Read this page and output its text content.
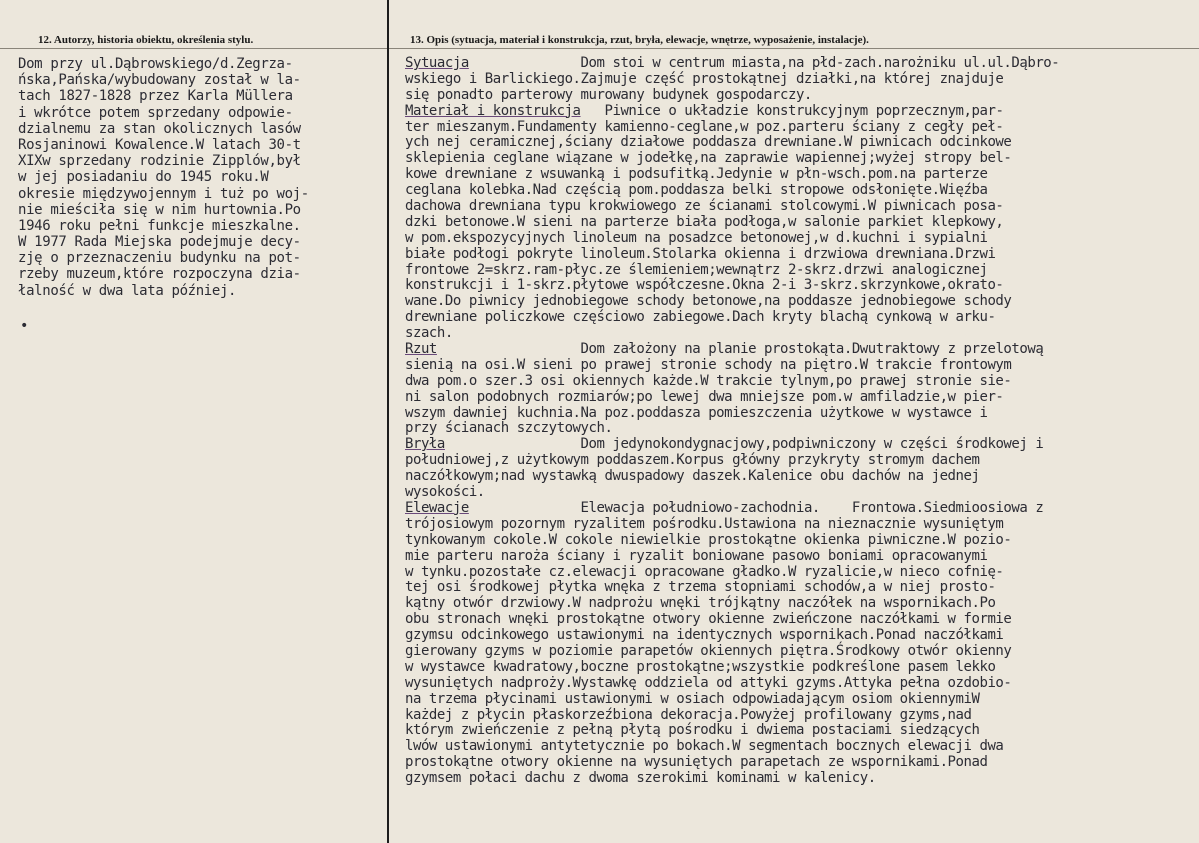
12. Autorzy, historia obiektu, określenia stylu.	13. Opis (sytuacja, materiał i konstrukcja, rzut, bryła, elewacje, wnętrze, wyposażenie, instalacje).
Dom przy ul.Dąbrowskiego/d.Zegrza-
ńska,Pańska/wybudowany został w la-
tach 1827-1828 przez Karla Müllera
i wkrótce potem sprzedany odpowie-
dzialnemu za stan okolicznych lasów
Rosjaninowi Kowalence.W latach 30-t
XIXw sprzedany rodzinie Zipplów,był
w jej posiadaniu do 1945 roku.W
okresie międzywojennym i tuż po woj-
nie mieściła się w nim hurtownia.Po
1946 roku pełni funkcje mieszkalne.
W 1977 Rada Miejska podejmuje decy-
zję o przeznaczeniu budynku na pot-
rzeby muzeum,które rozpoczyna dzia-
łalność w dwa lata później.
•
Sytuacja	Dom stoi w centrum miasta,na płd-zach.narożniku ul.ul.Dąbro-
wskiego i Barlickiego.Zajmuje część prostokątnej działki,na której znajduje
się ponadto parterowy murowany budynek gospodarczy.
Materiał i konstrukcja Piwnice o układzie konstrukcyjnym poprzecznym,par-
ter mieszanym.Fundamenty kamienno-ceglane,w poz.parteru ściany z cegły peł-
ych nej ceramicznej,ściany działowe poddasza drewniane.W piwnicach odcinkowe
sklepienia ceglane wiązane w jodełkę,na zaprawie wapiennej;wyżej stropy bel-
kowe drewniane z wsuwanką i podsufitką.Jedynie w płn-wsch.pom.na parterze
ceglana kolebka.Nad częścią pom.poddasza belki stropowe odsłonięte.Więźba
dachowa drewniana typu krokwiowego ze ścianami stolcowymi.W piwnicach posa-
dzki betonowe.W sieni na parterze biała podłoga,w salonie parkiet klepkowy,
w pom.ekspozycyjnych linoleum na posadzce betonowej,w d.kuchni i sypialni
białe podłogi pokryte linoleum.Stolarka okienna i drzwiowa drewniana.Drzwi
frontowe 2=skrz.ram-płyc.ze ślemieniem;wewnątrz 2-skrz.drzwi analogicznej
konstrukcji i 1-skrz.płytowe współczesne.Okna 2-i 3-skrz.skrzynkowe,okrato-
wane.Do piwnicy jednobiegowe schody betonowe,na poddasze jednobiegowe schody
drewniane policzkowe częściowo zabiegowe.Dach kryty blachą cynkową w arku-
szach.
Rzut	Dom założony na planie prostokąta.Dwutraktowy z przelotową
sienią na osi.W sieni po prawej stronie schody na piętro.W trakcie frontowym
dwa pom.o szer.3 osi okiennych każde.W trakcie tylnym,po prawej stronie sie-
ni salon podobnych rozmiarów;po lewej dwa mniejsze pom.w amfiladzie,w pier-
wszym dawniej kuchnia.Na poz.poddasza pomieszczenia użytkowe w wystawce i
przy ścianach szczytowych.
Bryła	Dom jedynokondygnacjowy,podpiwniczony w części środkowej i
południowej,z użytkowym poddaszem.Korpus główny przykryty stromym dachem
naczółkowym;nad wystawką dwuspadowy daszek.Kalenice obu dachów na jednej
wysokości.
Elewacje	Elewacja południowo-zachodnia.    Frontowa.Siedmioosiowa z
trójosiowym pozornym ryzalitem pośrodku.Ustawiona na nieznacznie wysuniętym
tynkowanym cokole.W cokole niewielkie prostokątne okienka piwniczne.W pozio-
mie parteru naroża ściany i ryzalit boniowane pasowo boniami opracowanymi
w tynku.pozostałe cz.elewacji opracowane gładko.W ryzalicie,w nieco cofnię-
tej osi środkowej płytka wnęka z trzema stopniami schodów,a w niej prosto-
kątny otwór drzwiowy.W nadprożu wnęki trójkątny naczółek na wspornikach.Po
obu stronach wnęki prostokątne otwory okienne zwieńczone naczółkami w formie
gzymsu odcinkowego ustawionymi na identycznych wspornikach.Ponad naczółkami
gierowany gzyms w poziomie parapetów okiennych piętra.Środkowy otwór okienny
w wystawce kwadratowy,boczne prostokątne;wszystkie podkreślone pasem lekko
wysuniętych nadproży.Wystawkę oddziela od attyki gzyms.Attyka pełna ozdobio-
na trzema płycinami ustawionymi w osiach odpowiadającym osiom okiennymiW
każdej z płycin płaskorzeźbiona dekoracja.Powyżej profilowany gzyms,nad
którym zwieńczenie z pełną płytą pośrodku i dwiema postaciami siedzących
lwów ustawionymi antytetycznie po bokach.W segmentach bocznych elewacji dwa
prostokątne otwory okienne na wysuniętych parapetach ze wspornikami.Ponad
gzymsem połaci dachu z dwoma szerokimi kominami w kalenicy.
